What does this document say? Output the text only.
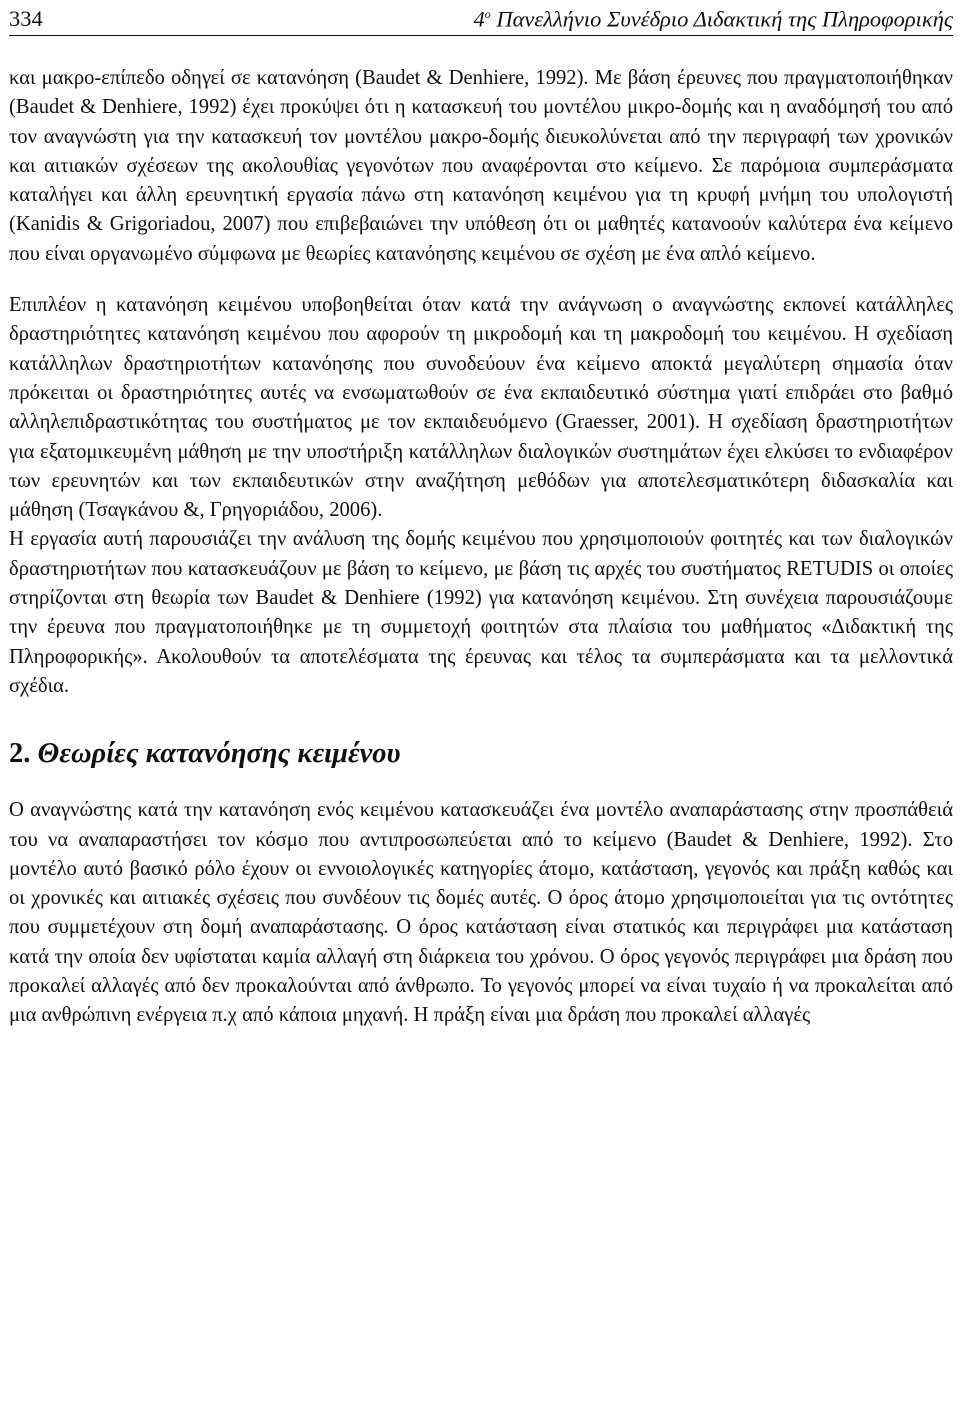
334	$4^o$ Πανελλήνιο Συνέδριο Διδακτική της Πληροφορικής

και μακρο-επίπεδο οδηγεί σε κατανόηση (Baudet & Denhiere, 1992). Με βάση έρευνες που πραγματοποιήθηκαν (Baudet & Denhiere, 1992) έχει προκύψει ότι η κατασκευή του μοντέλου μικρο-δομής και η αναδόμησή του από τον αναγνώστη για την κατασκευή τον μοντέλου μακρο-δομής διευκολύνεται από την περιγραφή των χρονικών και αιτιακών σχέσεων της ακολουθίας γεγονότων που αναφέρονται στο κείμενο. Σε παρόμοια συμπεράσματα καταλήγει και άλλη ερευνητική εργασία πάνω στη κατανόηση κειμένου για τη κρυφή μνήμη του υπολογιστή (Kanidis & Grigoriadou, 2007) που επιβεβαιώνει την υπόθεση ότι οι μαθητές κατανοούν καλύτερα ένα κείμενο που είναι οργανωμένο σύμφωνα με θεωρίες κατανόησης κειμένου σε σχέση με ένα απλό κείμενο.

Επιπλέον η κατανόηση κειμένου υποβοηθείται όταν κατά την ανάγνωση ο αναγνώστης εκπονεί κατάλληλες δραστηριότητες κατανόηση κειμένου που αφορούν τη μικροδομή και τη μακροδομή του κειμένου. Η σχεδίαση κατάλληλων δραστηριοτήτων κατανόησης που συνοδεύουν ένα κείμενο αποκτά μεγαλύτερη σημασία όταν πρόκειται οι δραστηριότητες αυτές να ενσωματωθούν σε ένα εκπαιδευτικό σύστημα γιατί επιδράει στο βαθμό αλληλεπιδραστικότητας του συστήματος με τον εκπαιδευόμενο (Graesser, 2001). Η σχεδίαση δραστηριοτήτων για εξατομικευμένη μάθηση με την υποστήριξη κατάλληλων διαλογικών συστημάτων έχει ελκύσει το ενδιαφέρον των ερευνητών και των εκπαιδευτικών στην αναζήτηση μεθόδων για αποτελεσματικότερη διδασκαλία και μάθηση (Τσαγκάνου &, Γρηγοριάδου, 2006).

Η εργασία αυτή παρουσιάζει την ανάλυση της δομής κειμένου που χρησιμοποιούν φοιτητές και των διαλογικών δραστηριοτήτων που κατασκευάζουν με βάση το κείμενο, με βάση τις αρχές του συστήματος RETUDIS οι οποίες στηρίζονται στη θεωρία των Baudet & Denhiere (1992) για κατανόηση κειμένου. Στη συνέχεια παρουσιάζουμε την έρευνα που πραγματοποιήθηκε με τη συμμετοχή φοιτητών στα πλαίσια του μαθήματος «Διδακτική της Πληροφορικής». Ακολουθούν τα αποτελέσματα της έρευνας και τέλος τα συμπεράσματα και τα μελλοντικά σχέδια.

2. Θεωρίες κατανόησης κειμένου

Ο αναγνώστης κατά την κατανόηση ενός κειμένου κατασκευάζει ένα μοντέλο αναπαράστασης στην προσπάθειά του να αναπαραστήσει τον κόσμο που αντιπροσωπεύεται από το κείμενο (Baudet & Denhiere, 1992). Στο μοντέλο αυτό βασικό ρόλο έχουν οι εννοιολογικές κατηγορίες άτομο, κατάσταση, γεγονός και πράξη καθώς και οι χρονικές και αιτιακές σχέσεις που συνδέουν τις δομές αυτές. Ο όρος άτομο χρησιμοποιείται για τις οντότητες που συμμετέχουν στη δομή αναπαράστασης. Ο όρος κατάσταση είναι στατικός και περιγράφει μια κατάσταση κατά την οποία δεν υφίσταται καμία αλλαγή στη διάρκεια του χρόνου. Ο όρος γεγονός περιγράφει μια δράση που προκαλεί αλλαγές από δεν προκαλούνται από άνθρωπο. Το γεγονός μπορεί να είναι τυχαίο ή να προκαλείται από μια ανθρώπινη ενέργεια π.χ από κάποια μηχανή. Η πράξη είναι μια δράση που προκαλεί αλλαγές
